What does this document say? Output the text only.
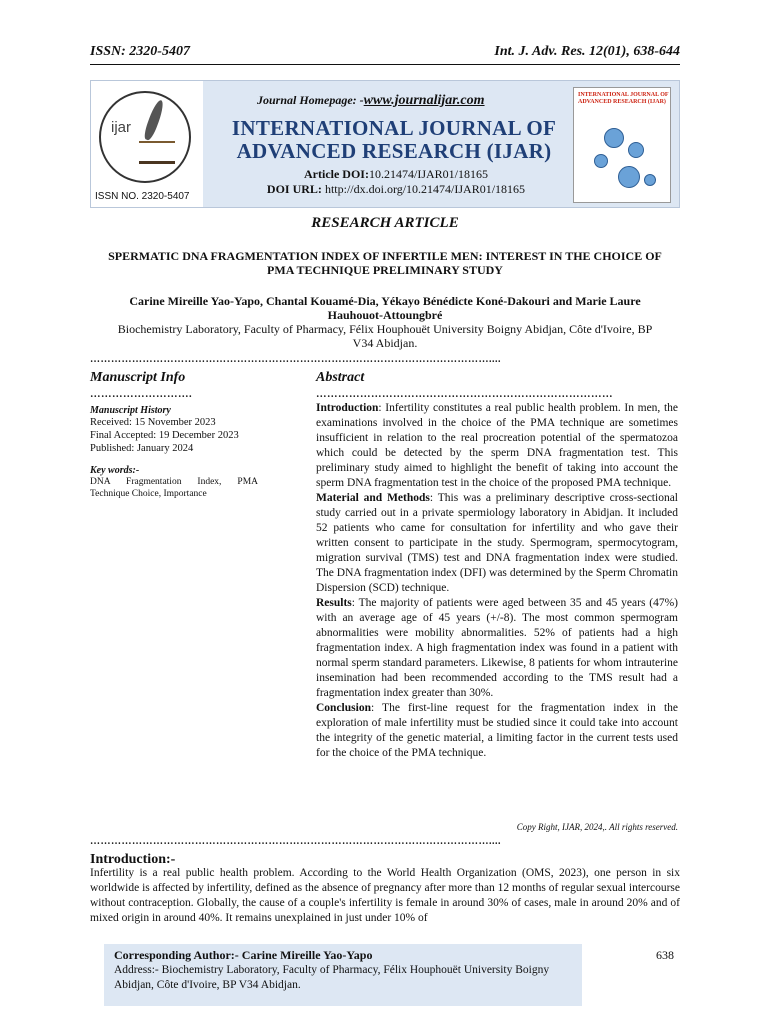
ISSN: 2320-5407	Int. J. Adv. Res. 12(01), 638-644
ijar
ISSN NO. 2320-5407
Journal Homepage: -www.journalijar.com
INTERNATIONAL JOURNAL OF
ADVANCED RESEARCH (IJAR)
Article DOI:10.21474/IJAR01/18165
DOI URL: http://dx.doi.org/10.21474/IJAR01/18165
INTERNATIONAL JOURNAL OF ADVANCED RESEARCH (IJAR)
RESEARCH ARTICLE
SPERMATIC DNA FRAGMENTATION INDEX OF INFERTILE MEN: INTEREST IN THE CHOICE OF
PMA TECHNIQUE PRELIMINARY STUDY
Carine Mireille Yao-Yapo, Chantal Kouamé-Dia, Yékayo Bénédicte Koné-Dakouri and Marie Laure
Hauhouot-Attoungbré
Biochemistry Laboratory, Faculty of Pharmacy, Félix Houphouët University Boigny Abidjan, Côte d'Ivoire, BP
V34 Abidjan.
……………………………………………………………………………………………………....
Manuscript Info
……………………….
Manuscript History
Received: 15 November 2023
Final Accepted: 19 December 2023
Published: January 2024
Key words:-
DNA Fragmentation Index, PMA Technique Choice, Importance
Abstract
………………………………………………………………………

Introduction: Infertility constitutes a real public health problem. In men, the examinations involved in the choice of the PMA technique are sometimes insufficient in relation to the real procreation potential of the spermatozoa which could be detected by the sperm DNA fragmentation test. This preliminary study aimed to highlight the benefit of taking into account the sperm DNA fragmentation test in the choice of the proposed PMA technique.

Material and Methods: This was a preliminary descriptive cross-sectional study carried out in a private spermiology laboratory in Abidjan. It included 52 patients who came for consultation for infertility and who gave their written consent to participate in the study. Spermogram, spermocytogram, migration survival (TMS) test and DNA fragmentation index were studied. The DNA fragmentation index (DFI) was determined by the Sperm Chromatin Dispersion (SCD) technique.

Results: The majority of patients were aged between 35 and 45 years (47%) with an average age of 45 years (+/-8). The most common spermogram abnormalities were mobility abnormalities. 52% of patients had a high fragmentation index. A high fragmentation index was found in a patient with normal sperm standard parameters. Likewise, 8 patients for whom intrauterine insemination had been recommended according to the TMS result had a fragmentation index greater than 30%.

Conclusion: The first-line request for the fragmentation index in the exploration of male infertility must be studied since it could take into account the integrity of the genetic material, a limiting factor in the current tests used for the choice of the PMA technique.

Copy Right, IJAR, 2024,. All rights reserved.
……………………………………………………………………………………………………....
Introduction:-

Infertility is a real public health problem. According to the World Health Organization (OMS, 2023), one person in six worldwide is affected by infertility, defined as the absence of pregnancy after more than 12 months of regular sexual intercourse without contraception. Globally, the cause of a couple's infertility is female in around 30% of cases, male in around 20% and of mixed origin in around 40%. It remains unexplained in just under 10% of

Corresponding Author:- Carine Mireille Yao-Yapo

Address:- Biochemistry Laboratory, Faculty of Pharmacy, Félix Houphouët University Boigny Abidjan, Côte d'Ivoire, BP V34 Abidjan.

638
